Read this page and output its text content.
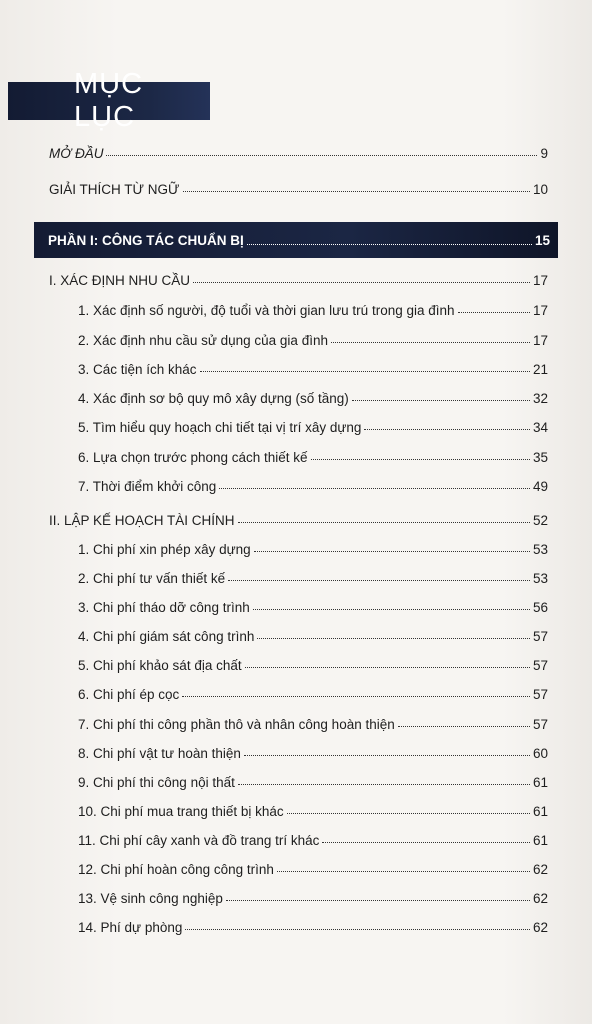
MỤC LỤC
MỞ ĐẦU	9
GIẢI THÍCH TỪ NGỮ	10
PHẦN I: CÔNG TÁC CHUẨN BỊ	15
I. XÁC ĐỊNH NHU CẦU	17
1. Xác định số người, độ tuổi và thời gian lưu trú trong gia đình	17
2. Xác định nhu cầu sử dụng của gia đình	17
3. Các tiện ích khác	21
4. Xác định sơ bộ quy mô xây dựng (số tầng)	32
5. Tìm hiểu quy hoạch chi tiết tại vị trí xây dựng	34
6. Lựa chọn trước phong cách thiết kế	35
7. Thời điểm khởi công	49
II. LẬP KẾ HOẠCH TÀI CHÍNH	52
1. Chi phí xin phép xây dựng	53
2. Chi phí tư vấn thiết kế	53
3. Chi phí tháo dỡ công trình	56
4. Chi phí giám sát công trình	57
5. Chi phí khảo sát địa chất	57
6. Chi phí ép cọc	57
7. Chi phí thi công phần thô và nhân công hoàn thiện	57
8. Chi phí vật tư hoàn thiện	60
9. Chi phí thi công nội thất	61
10. Chi phí mua trang thiết bị khác	61
11. Chi phí cây xanh và đồ trang trí khác	61
12. Chi phí hoàn công công trình	62
13. Vệ sinh công nghiệp	62
14. Phí dự phòng	62
